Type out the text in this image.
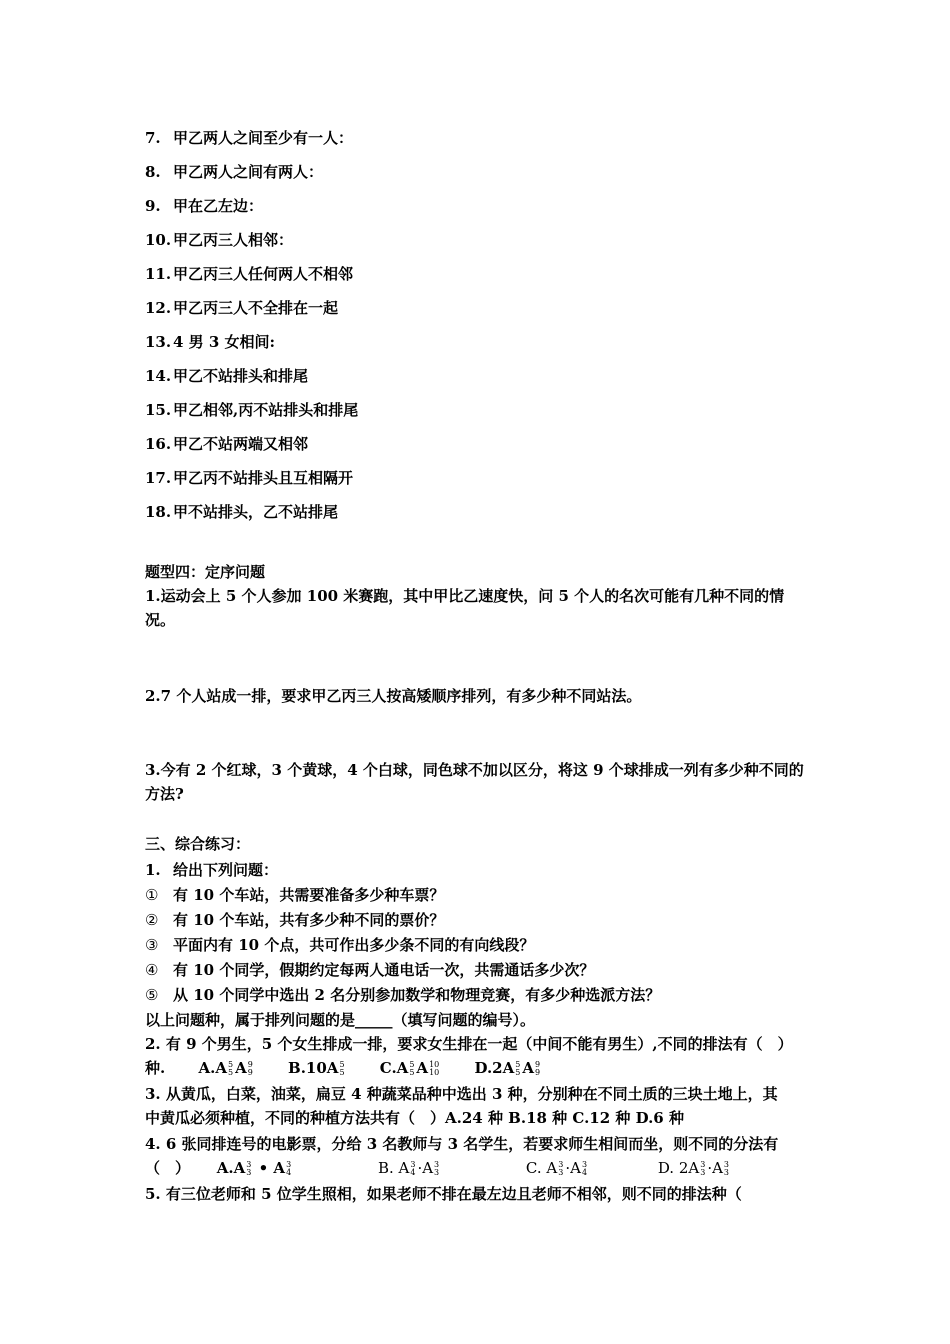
7. 甲乙两人之间至少有一人：
8. 甲乙两人之间有两人：
9. 甲在乙左边：
10. 甲乙丙三人相邻：
11. 甲乙丙三人任何两人不相邻
12. 甲乙丙三人不全排在一起
13. 4 男 3 女相间:
14. 甲乙不站排头和排尾
15. 甲乙相邻,丙不站排头和排尾
16. 甲乙不站两端又相邻
17. 甲乙丙不站排头且互相隔开
18. 甲不站排头，乙不站排尾
题型四：定序问题
1.运动会上 5 个人参加 100 米赛跑，其中甲比乙速度快，问 5 个人的名次可能有几种不同的情况。
2.7 个人站成一排，要求甲乙丙三人按高矮顺序排列，有多少种不同站法。
3.今有 2 个红球，3 个黄球，4 个白球，同色球不加以区分，将这 9 个球排成一列有多少种不同的方法?
三、综合练习：
1. 给出下列问题：
① 有 10 个车站，共需要准备多少种车票？
② 有 10 个车站，共有多少种不同的票价？
③ 平面内有 10 个点，共可作出多少条不同的有向线段？
④ 有 10 个同学，假期约定每两人通电话一次，共需通话多少次？
⑤ 从 10 个同学中选出 2 名分别参加数学和物理竞赛，有多少种选派方法？
以上问题种，属于排列问题的是_____（填写问题的编号）。
2. 有 9 个男生，5 个女生排成一排，要求女生排在一起（中间不能有男生）,不同的排法有（　）
种. A.A 5
5 A 9
9 B.10A 5
5 C.A 5
5 A 10
10 D.2A 5
5 A 9
9
3. 从黄瓜，白菜，油菜，扁豆 4 种蔬菜品种中选出 3 种，分别种在不同土质的三块土地上，其
中黄瓜必须种植，不同的种植方法共有（　）A.24 种 B.18 种 C.12 种 D.6 种
4. 6 张同排连号的电影票，分给 3 名教师与 3 名学生，若要求师生相间而坐，则不同的分法有
（　） A.A 3
3 • A 3
4	B. A 3
4 ·A 3
3	C. A 3
3 ·A 3
4	D. 2A 3
3 ·A 3
3
5. 有三位老师和 5 位学生照相，如果老师不排在最左边且老师不相邻，则不同的排法种（
